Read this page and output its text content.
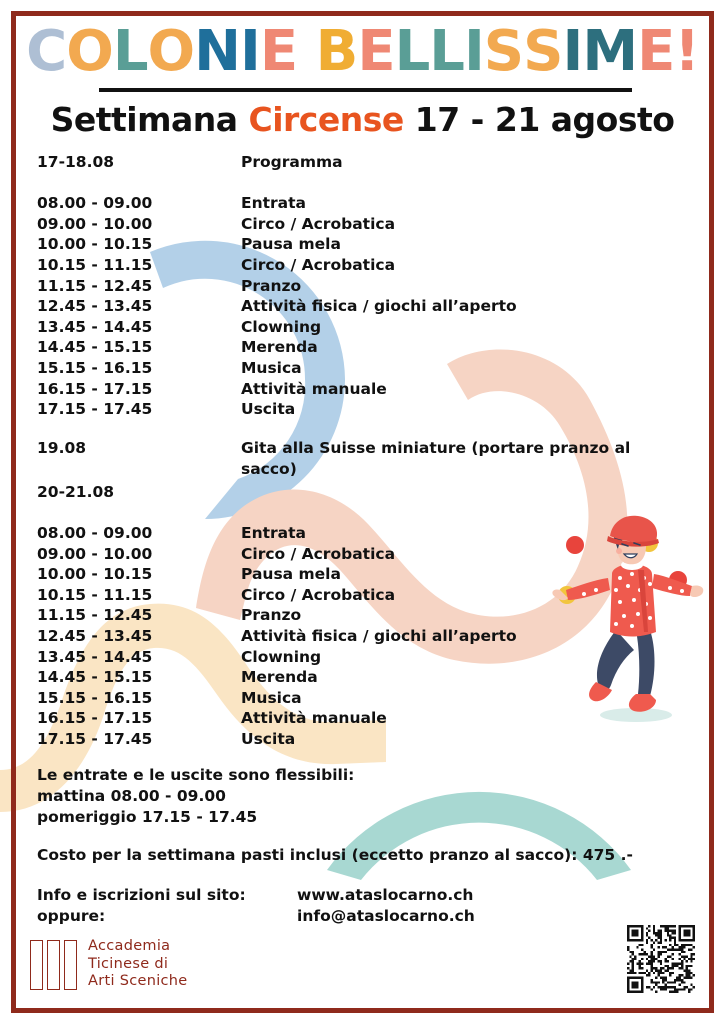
COLONIE BELLISSIME!
Settimana Circense 17 - 21 agosto
17-18.08	Programma
08.00 - 09.00	Entrata
09.00 - 10.00	Circo / Acrobatica
10.00 - 10.15	Pausa mela
10.15 - 11.15	Circo / Acrobatica
11.15 - 12.45	Pranzo
12.45 - 13.45	Attività fisica / giochi all’aperto
13.45 - 14.45	Clowning
14.45 - 15.15	Merenda
15.15 - 16.15	Musica
16.15 - 17.15	Attività manuale
17.15 - 17.45	Uscita
19.08	Gita alla Suisse miniature (portare pranzo al sacco)
20-21.08
08.00 - 09.00	Entrata
09.00 - 10.00	Circo / Acrobatica
10.00 - 10.15	Pausa mela
10.15 - 11.15	Circo / Acrobatica
11.15 - 12.45	Pranzo
12.45 - 13.45	Attività fisica / giochi all’aperto
13.45 - 14.45	Clowning
14.45 - 15.15	Merenda
15.15 - 16.15	Musica
16.15 - 17.15	Attività manuale
17.15 - 17.45	Uscita
Le entrate e le uscite sono flessibili:
mattina 08.00 - 09.00
pomeriggio 17.15 - 17.45
Costo per la settimana pasti inclusi (eccetto pranzo al sacco): 475 .-
Info e iscrizioni sul sito:	www.ataslocarno.ch
oppure:	info@ataslocarno.ch
Accademia
Ticinese di
Arti Sceniche
